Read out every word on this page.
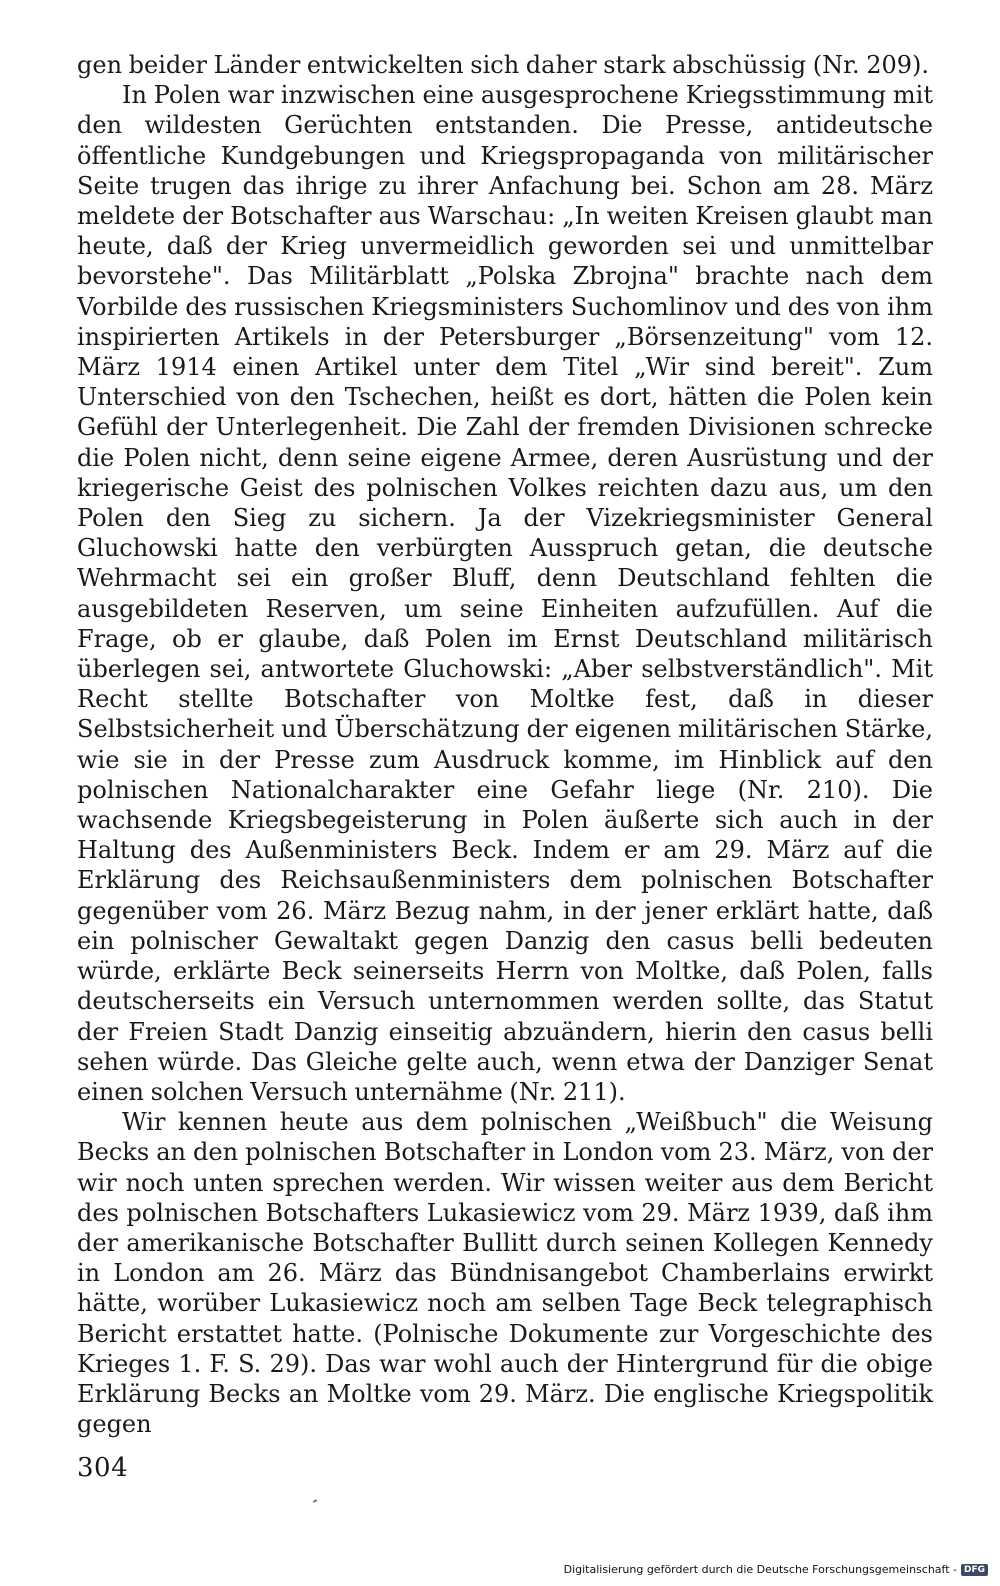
gen beider Länder entwickelten sich daher stark abschüssig (Nr. 209).

In Polen war inzwischen eine ausgesprochene Kriegsstimmung mit den wildesten Gerüchten entstanden. Die Presse, antideutsche öffentliche Kundgebungen und Kriegspropaganda von militärischer Seite trugen das ihrige zu ihrer Anfachung bei. Schon am 28. März meldete der Botschafter aus Warschau: „In weiten Kreisen glaubt man heute, daß der Krieg unvermeidlich geworden sei und unmittelbar bevorstehe". Das Militärblatt „Polska Zbrojna" brachte nach dem Vorbilde des russischen Kriegsministers Suchomlinov und des von ihm inspirierten Artikels in der Petersburger „Börsenzeitung" vom 12. März 1914 einen Artikel unter dem Titel „Wir sind bereit". Zum Unterschied von den Tschechen, heißt es dort, hätten die Polen kein Gefühl der Unterlegenheit. Die Zahl der fremden Divisionen schrecke die Polen nicht, denn seine eigene Armee, deren Ausrüstung und der kriegerische Geist des polnischen Volkes reichten dazu aus, um den Polen den Sieg zu sichern. Ja der Vizekriegsminister General Gluchowski hatte den verbürgten Ausspruch getan, die deutsche Wehrmacht sei ein großer Bluff, denn Deutschland fehlten die ausgebildeten Reserven, um seine Einheiten aufzufüllen. Auf die Frage, ob er glaube, daß Polen im Ernst Deutschland militärisch überlegen sei, antwortete Gluchowski: „Aber selbstverständlich". Mit Recht stellte Botschafter von Moltke fest, daß in dieser Selbstsicherheit und Überschätzung der eigenen militärischen Stärke, wie sie in der Presse zum Ausdruck komme, im Hinblick auf den polnischen Nationalcharakter eine Gefahr liege (Nr. 210). Die wachsende Kriegsbegeisterung in Polen äußerte sich auch in der Haltung des Außenministers Beck. Indem er am 29. März auf die Erklärung des Reichsaußenministers dem polnischen Botschafter gegenüber vom 26. März Bezug nahm, in der jener erklärt hatte, daß ein polnischer Gewaltakt gegen Danzig den casus belli bedeuten würde, erklärte Beck seinerseits Herrn von Moltke, daß Polen, falls deutscherseits ein Versuch unternommen werden sollte, das Statut der Freien Stadt Danzig einseitig abzuändern, hierin den casus belli sehen würde. Das Gleiche gelte auch, wenn etwa der Danziger Senat einen solchen Versuch unternähme (Nr. 211).

Wir kennen heute aus dem polnischen „Weißbuch" die Weisung Becks an den polnischen Botschafter in London vom 23. März, von der wir noch unten sprechen werden. Wir wissen weiter aus dem Bericht des polnischen Botschafters Lukasiewicz vom 29. März 1939, daß ihm der amerikanische Botschafter Bullitt durch seinen Kollegen Kennedy in London am 26. März das Bündnisangebot Chamberlains erwirkt hätte, worüber Lukasiewicz noch am selben Tage Beck telegraphisch Bericht erstattet hatte. (Polnische Dokumente zur Vorgeschichte des Krieges 1. F. S. 29). Das war wohl auch der Hintergrund für die obige Erklärung Becks an Moltke vom 29. März. Die englische Kriegspolitik gegen

304
Digitalisierung gefördert durch die Deutsche Forschungsgemeinschaft - DFG
